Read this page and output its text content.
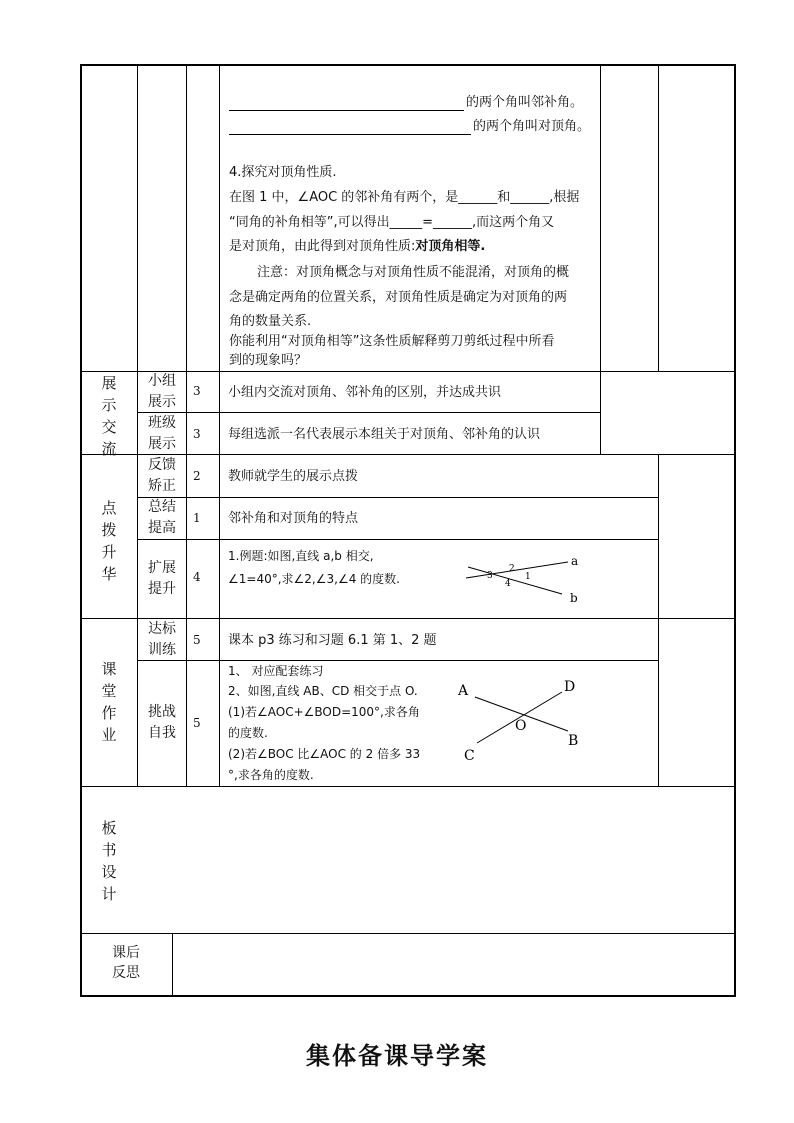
的两个角叫邻补角。
的两个角叫对顶角。
4.探究对顶角性质.
在图 1 中，∠AOC 的邻补角有两个，是______和______,根据
“同角的补角相等”,可以得出_____=______,而这两个角又
是对顶角，由此得到对顶角性质:对顶角相等.
注意：对顶角概念与对顶角性质不能混淆，对顶角的概
念是确定两角的位置关系，对顶角性质是确定为对顶角的两
角的数量关系.
你能利用“对顶角相等”这条性质解释剪刀剪纸过程中所看
到的现象吗？
展示交流
点拨升华
课堂作业
板书设计
课后
反思
小组
展示
3 小组内交流对顶角、邻补角的区别，并达成共识
班级
展示
3 每组选派一名代表展示本组关于对顶角、邻补角的认识
反馈
矫正
2 教师就学生的展示点拨
总结
提高
1 邻补角和对顶角的特点
扩展
提升
4
1.例题:如图,直线 a,b 相交,
∠1=40°,求∠2,∠3,∠4 的度数.
a
b
2
1
3
4
达标
训练
5 课本 p3 练习和习题 6.1 第 1、2 题
挑战
自我
5
1、 对应配套练习
2、如图,直线 AB、CD 相交于点 O.
(1)若∠AOC+∠BOD=100°,求各角
的度数.
(2)若∠BOC 比∠AOC 的 2 倍多 33
°,求各角的度数.
A	D
O
B
C
集体备课导学案
